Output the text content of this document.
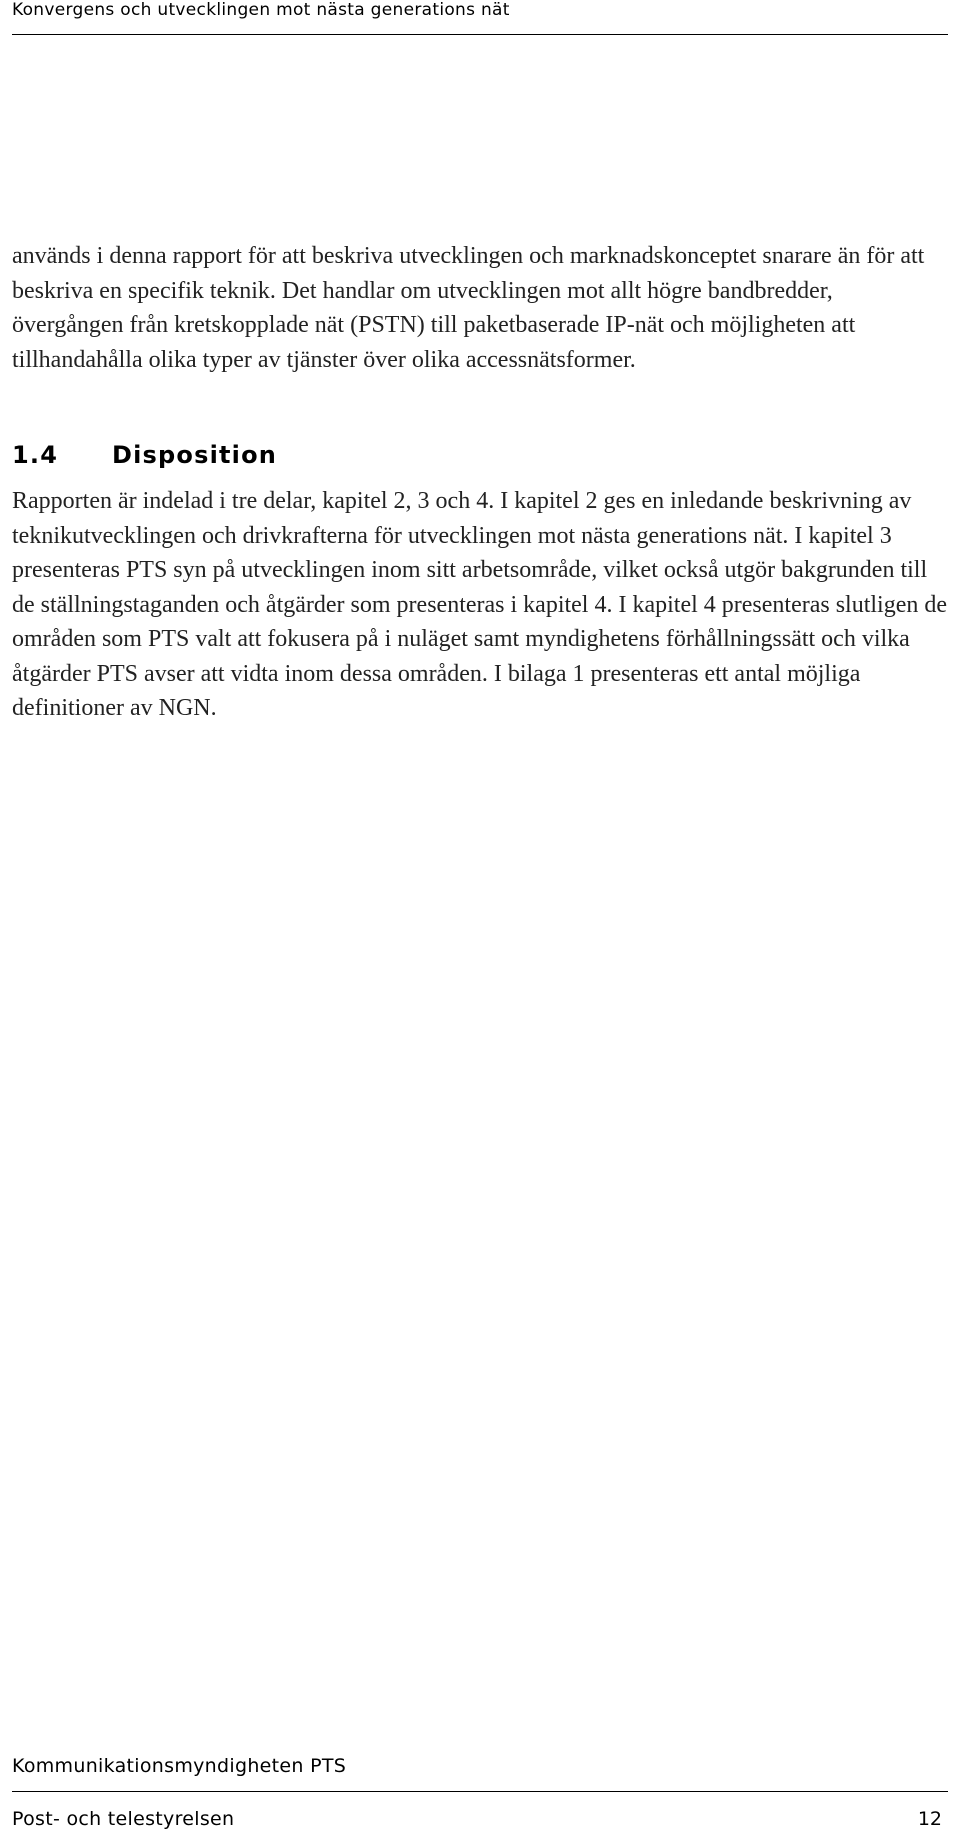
Konvergens och utvecklingen mot nästa generations nät

används i denna rapport för att beskriva utvecklingen och marknadskonceptet snarare än för att beskriva en specifik teknik. Det handlar om utvecklingen mot allt högre bandbredder, övergången från kretskopplade nät (PSTN) till paketbaserade IP-nät och möjligheten att tillhandahålla olika typer av tjänster över olika accessnätsformer.

1.4 Disposition

Rapporten är indelad i tre delar, kapitel 2, 3 och 4. I kapitel 2 ges en inledande beskrivning av teknikutvecklingen och drivkrafterna för utvecklingen mot nästa generations nät. I kapitel 3 presenteras PTS syn på utvecklingen inom sitt arbetsområde, vilket också utgör bakgrunden till de ställningstaganden och åtgärder som presenteras i kapitel 4. I kapitel 4 presenteras slutligen de områden som PTS valt att fokusera på i nuläget samt myndighetens förhållningssätt och vilka åtgärder PTS avser att vidta inom dessa områden. I bilaga 1 presenteras ett antal möjliga definitioner av NGN.

Kommunikationsmyndigheten PTS
Post- och telestyrelsen	12
